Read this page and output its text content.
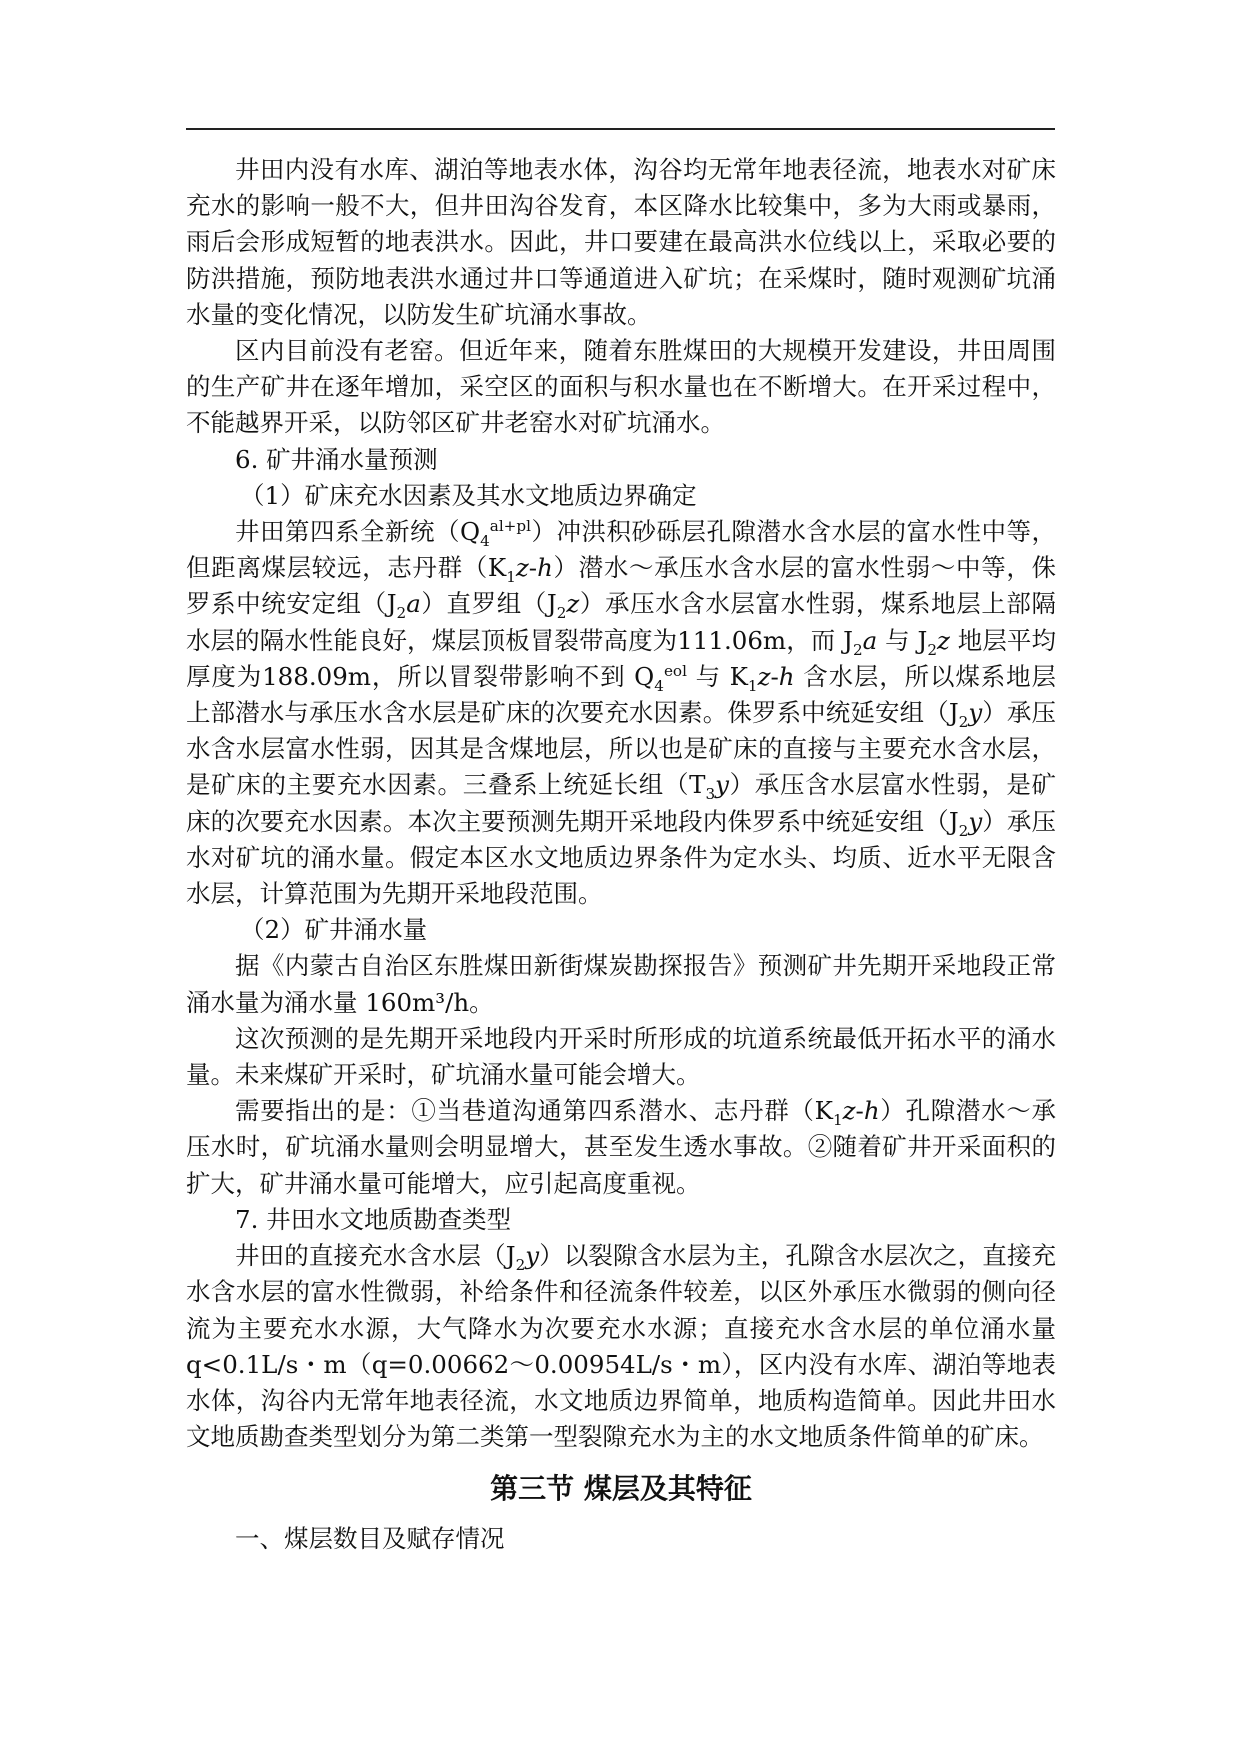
井田内没有水库、湖泊等地表水体，沟谷均无常年地表径流，地表水对矿床充水的影响一般不大，但井田沟谷发育，本区降水比较集中，多为大雨或暴雨，雨后会形成短暂的地表洪水。因此，井口要建在最高洪水位线以上，采取必要的防洪措施，预防地表洪水通过井口等通道进入矿坑；在采煤时，随时观测矿坑涌水量的变化情况，以防发生矿坑涌水事故。

区内目前没有老窑。但近年来，随着东胜煤田的大规模开发建设，井田周围的生产矿井在逐年增加，采空区的面积与积水量也在不断增大。在开采过程中，不能越界开采，以防邻区矿井老窑水对矿坑涌水。

6. 矿井涌水量预测

（1）矿床充水因素及其水文地质边界确定

井田第四系全新统$(Q_4^{al+pl})$冲洪积砂砾层孔隙潜水含水层的富水性中等，但距离煤层较远，志丹群$(K_1z-h)$潜水～承压水含水层的富水性弱～中等，侏罗系中统安定组$(J_2a)$直罗组$(J_2z)$承压水含水层富水性弱，煤系地层上部隔水层的隔水性能良好，煤层顶板冒裂带高度为111.06m，而 $J_2a$ 与 $J_2z$ 地层平均厚度为188.09m，所以冒裂带影响不到 $Q_4^{eol}$ 与 $K_1z-h$ 含水层，所以煤系地层上部潜水与承压水含水层是矿床的次要充水因素。侏罗系中统延安组$(J_2y)$承压水含水层富水性弱，因其是含煤地层，所以也是矿床的直接与主要充水含水层，是矿床的主要充水因素。三叠系上统延长组$(T_3y)$承压含水层富水性弱，是矿床的次要充水因素。本次主要预测先期开采地段内侏罗系中统延安组$(J_2y)$承压水对矿坑的涌水量。假定本区水文地质边界条件为定水头、均质、近水平无限含水层，计算范围为先期开采地段范围。

（2）矿井涌水量

据《内蒙古自治区东胜煤田新街煤炭勘探报告》预测矿井先期开采地段正常涌水量为涌水量 160m³/h。

这次预测的是先期开采地段内开采时所形成的坑道系统最低开拓水平的涌水量。未来煤矿开采时，矿坑涌水量可能会增大。

需要指出的是：①当巷道沟通第四系潜水、志丹群$(K_1z-h)$孔隙潜水～承压水时，矿坑涌水量则会明显增大，甚至发生透水事故。②随着矿井开采面积的扩大，矿井涌水量可能增大，应引起高度重视。

7. 井田水文地质勘查类型

井田的直接充水含水层$(J_2y)$以裂隙含水层为主，孔隙含水层次之，直接充水含水层的富水性微弱，补给条件和径流条件较差，以区外承压水微弱的侧向径流为主要充水水源，大气降水为次要充水水源；直接充水含水层的单位涌水量q<0.1L/s・m（q=0.00662～0.00954L/s・m），区内没有水库、湖泊等地表水体，沟谷内无常年地表径流，水文地质边界简单，地质构造简单。因此井田水文地质勘查类型划分为第二类第一型裂隙充水为主的水文地质条件简单的矿床。

第三节 煤层及其特征

一、煤层数目及赋存情况
